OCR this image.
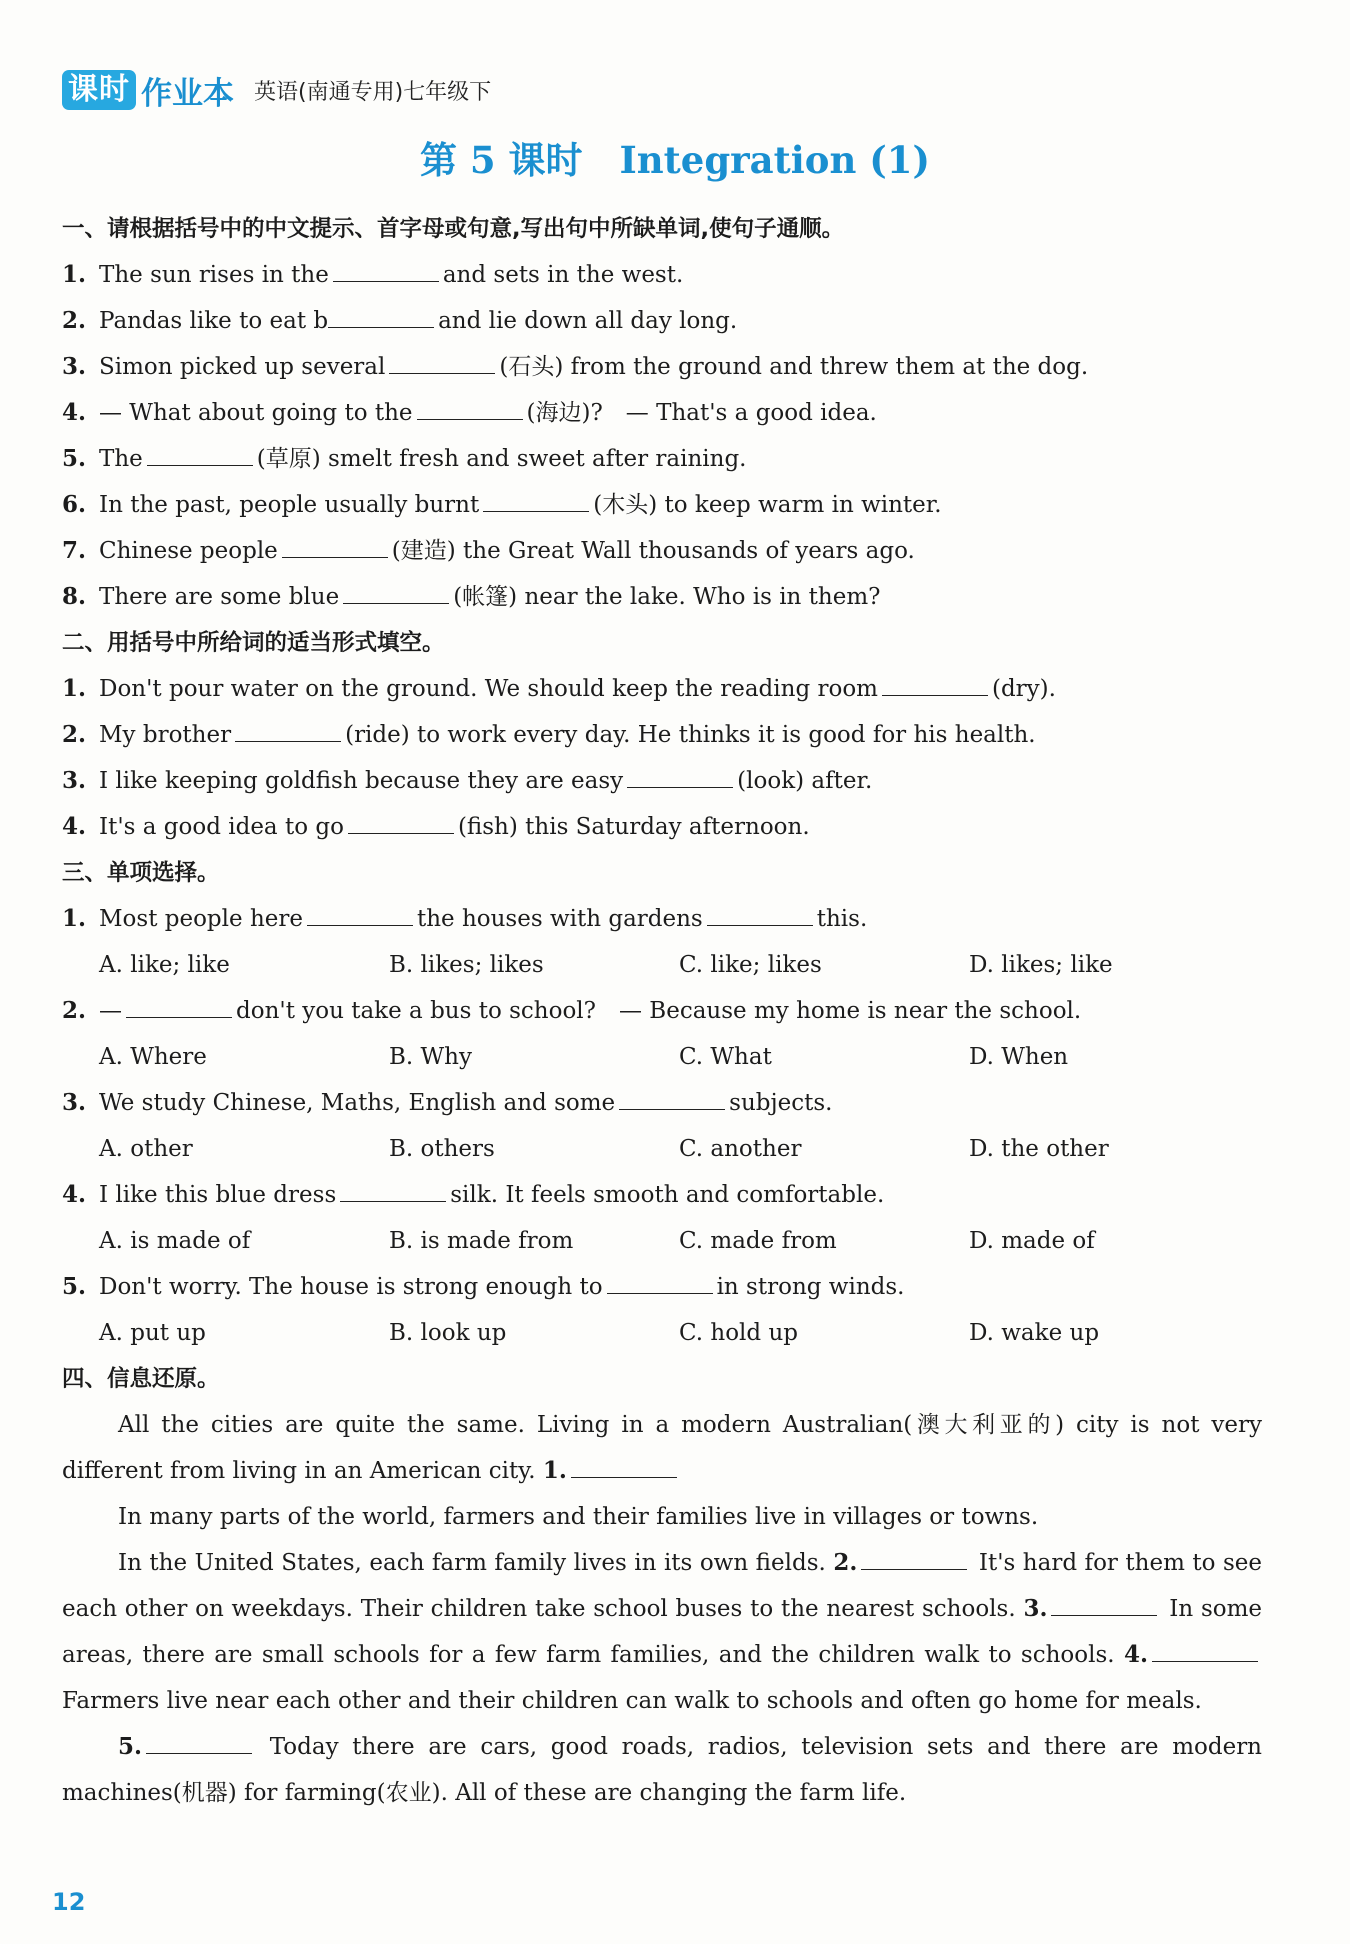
课时 作业本 英语(南通专用)七年级下
第 5 课时　Integration (1)
一、请根据括号中的中文提示、首字母或句意,写出句中所缺单词,使句子通顺。
1. The sun rises in the	and sets in the west.
2. Pandas like to eat b	and lie down all day long.
3. Simon picked up several	(石头) from the ground and threw them at the dog.
4. — What about going to the	(海边)?　— That's a good idea.
5. The	(草原) smelt fresh and sweet after raining.
6. In the past, people usually burnt	(木头) to keep warm in winter.
7. Chinese people	(建造) the Great Wall thousands of years ago.
8. There are some blue	(帐篷) near the lake. Who is in them?
二、用括号中所给词的适当形式填空。
1. Don't pour water on the ground. We should keep the reading room	(dry).
2. My brother	(ride) to work every day. He thinks it is good for his health.
3. I like keeping goldfish because they are easy	(look) after.
4. It's a good idea to go	(fish) this Saturday afternoon.
三、单项选择。
1. Most people here	the houses with gardens	this.
A. like; like	B. likes; likes	C. like; likes	D. likes; like
2. —	don't you take a bus to school?　— Because my home is near the school.
A. Where	B. Why	C. What	D. When
3. We study Chinese, Maths, English and some	subjects.
A. other	B. others	C. another	D. the other
4. I like this blue dress	silk. It feels smooth and comfortable.
A. is made of	B. is made from	C. made from	D. made of
5. Don't worry. The house is strong enough to	in strong winds.
A. put up	B. look up	C. hold up	D. wake up
四、信息还原。
All the cities are quite the same. Living in a modern Australian(澳大利亚的) city is not very different from living in an American city. 1.
In many parts of the world, farmers and their families live in villages or towns.
In the United States, each farm family lives in its own fields. 2.	It's hard for them to see each other on weekdays. Their children take school buses to the nearest schools. 3.	In some areas, there are small schools for a few farm families, and the children walk to schools. 4. Farmers live near each other and their children can walk to schools and often go home for meals.
5.	Today there are cars, good roads, radios, television sets and there are modern machines(机器) for farming(农业). All of these are changing the farm life.
12
